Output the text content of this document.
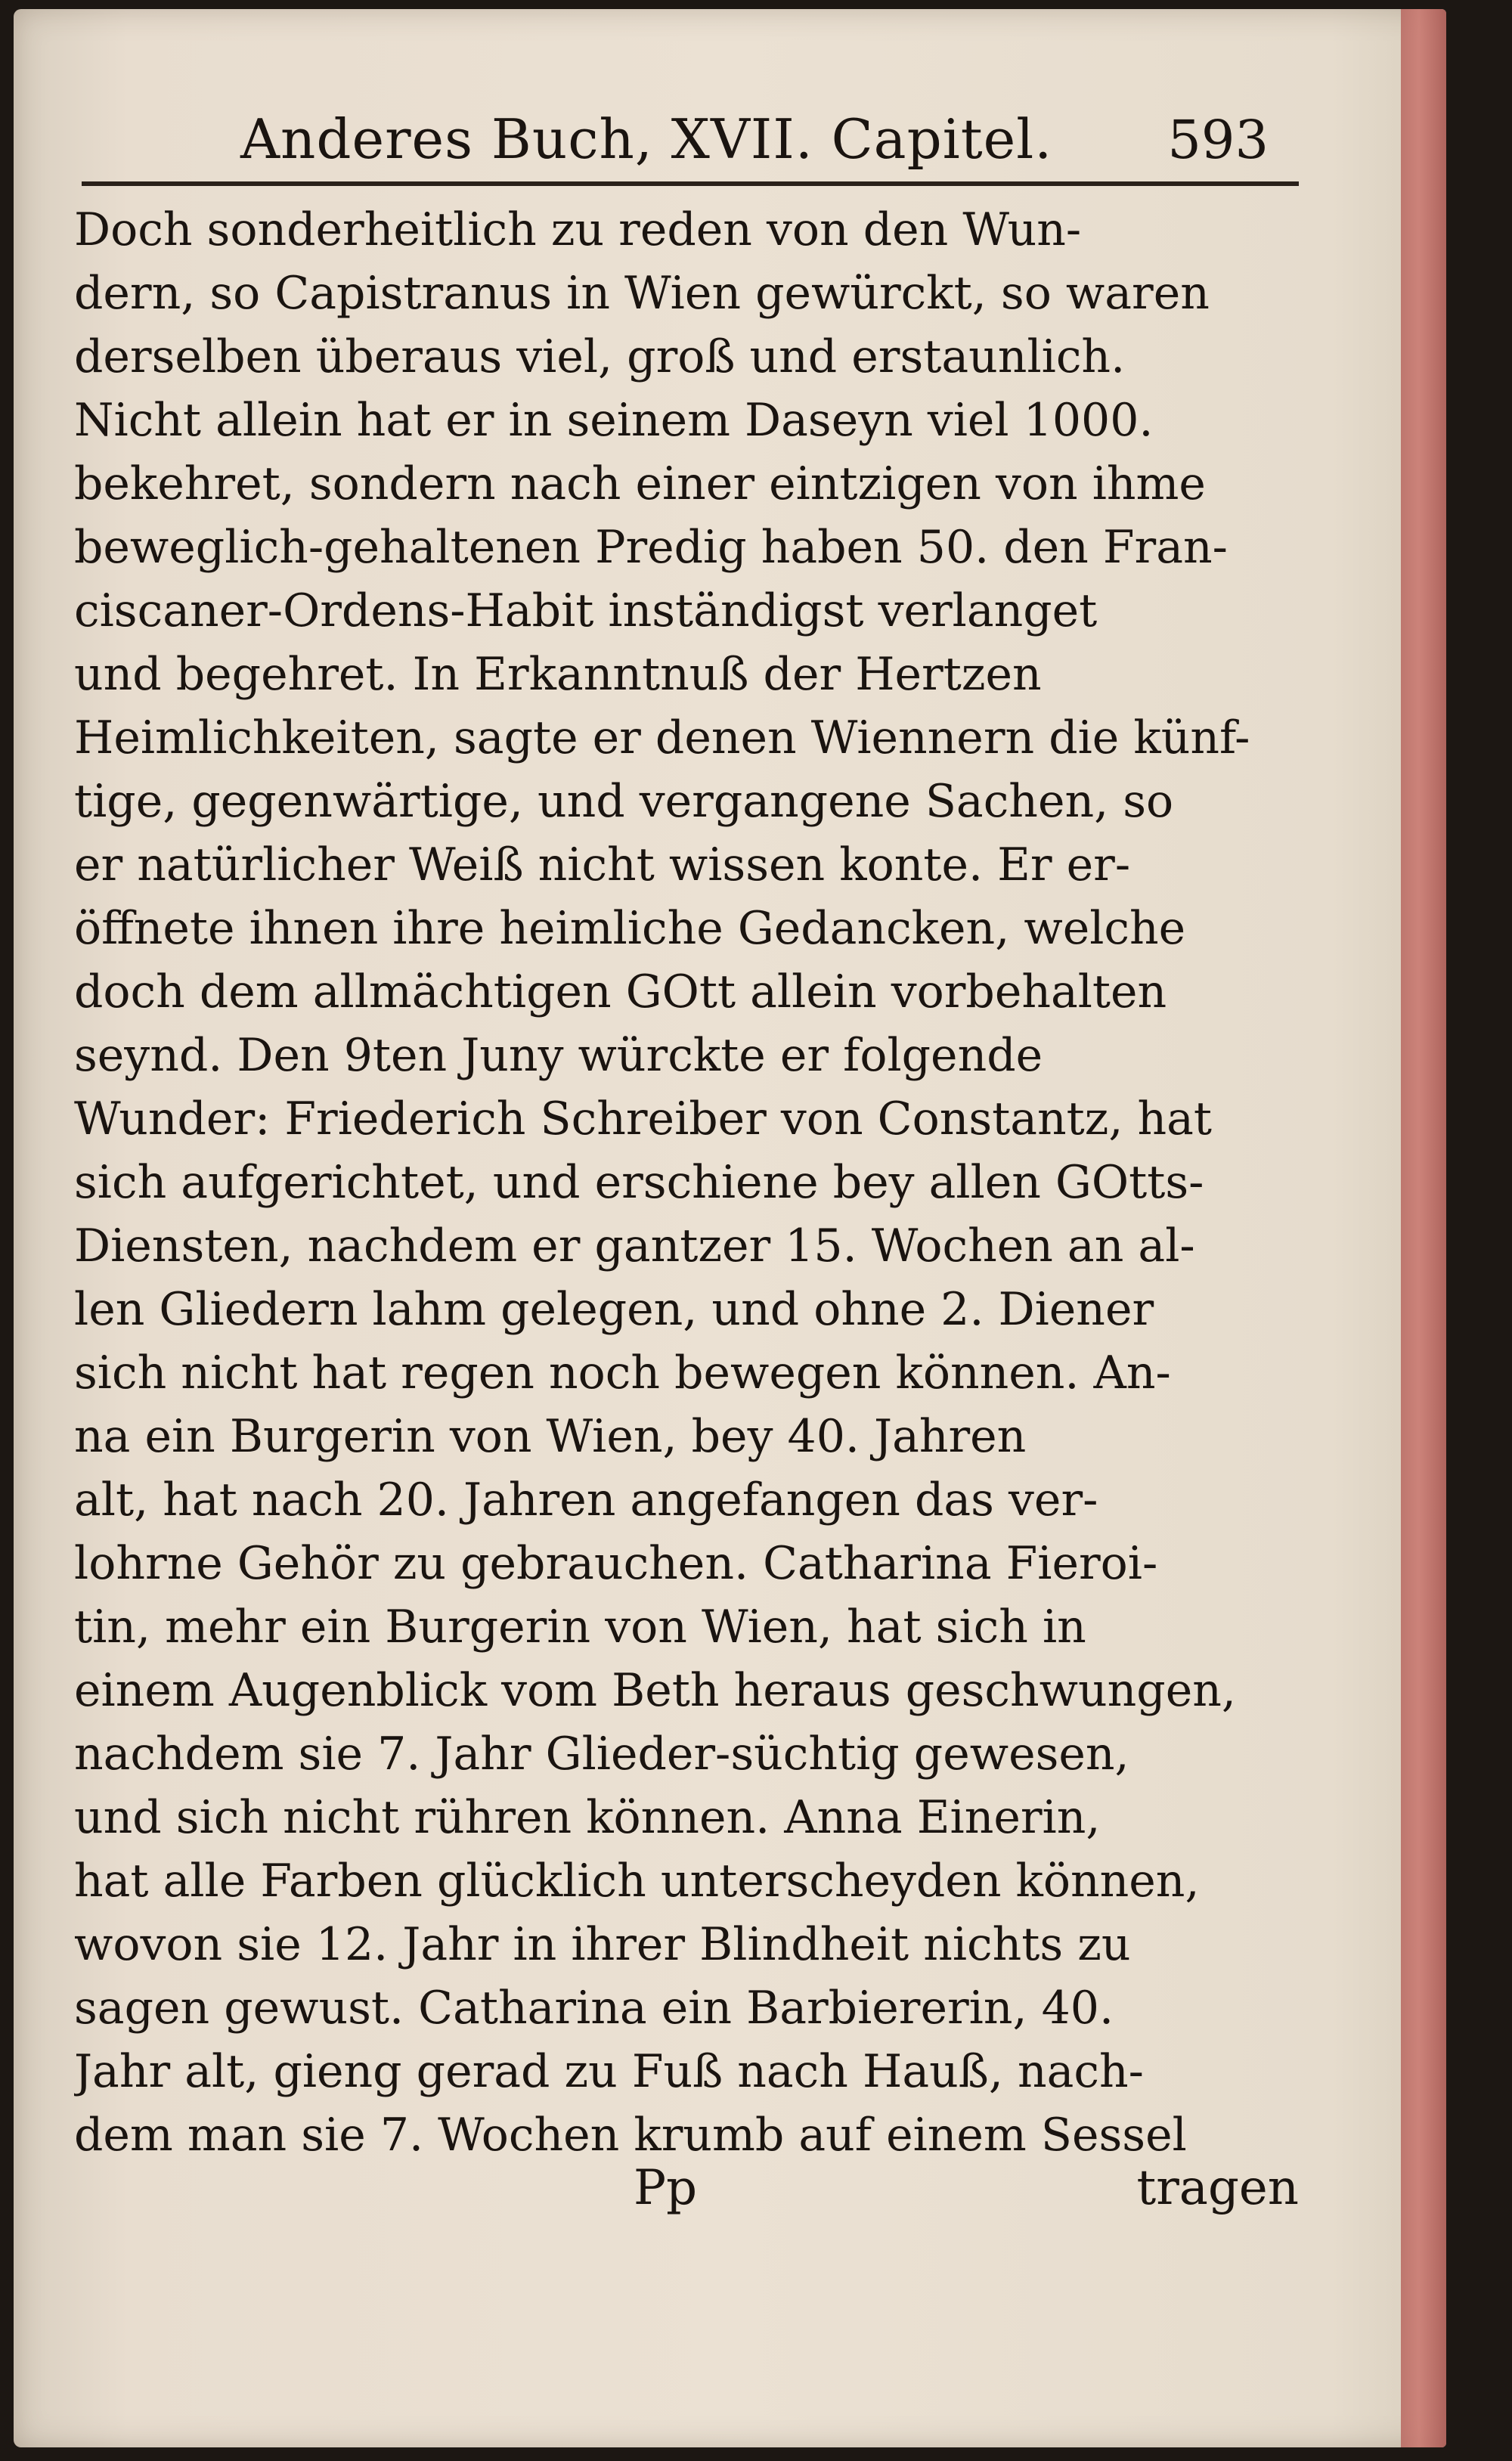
Anderes Buch, XVII. Capitel. 593
Doch sonderheitlich zu reden von den Wun-
dern, so Capistranus in Wien gewürckt, so waren
derselben überaus viel, groß und erstaunlich.
Nicht allein hat er in seinem Daseyn viel 1000.
bekehret, sondern nach einer eintzigen von ihme
beweglich-gehaltenen Predig haben 50. den Fran-
ciscaner-Ordens-Habit inständigst verlanget
und begehret. In Erkanntnuß der Hertzen
Heimlichkeiten, sagte er denen Wiennern die künf-
tige, gegenwärtige, und vergangene Sachen, so
er natürlicher Weiß nicht wissen konte. Er er-
öffnete ihnen ihre heimliche Gedancken, welche
doch dem allmächtigen GOtt allein vorbehalten
seynd. Den 9ten Juny würckte er folgende
Wunder: Friederich Schreiber von Constantz, hat
sich aufgerichtet, und erschiene bey allen GOtts-
Diensten, nachdem er gantzer 15. Wochen an al-
len Gliedern lahm gelegen, und ohne 2. Diener
sich nicht hat regen noch bewegen können. An-
na ein Burgerin von Wien, bey 40. Jahren
alt, hat nach 20. Jahren angefangen das ver-
lohrne Gehör zu gebrauchen. Catharina Fieroi-
tin, mehr ein Burgerin von Wien, hat sich in
einem Augenblick vom Beth heraus geschwungen,
nachdem sie 7. Jahr Glieder-süchtig gewesen,
und sich nicht rühren können. Anna Einerin,
hat alle Farben glücklich unterscheyden können,
wovon sie 12. Jahr in ihrer Blindheit nichts zu
sagen gewust. Catharina ein Barbiererin, 40.
Jahr alt, gieng gerad zu Fuß nach Hauß, nach-
dem man sie 7. Wochen krumb auf einem Sessel
Pp	tragen
